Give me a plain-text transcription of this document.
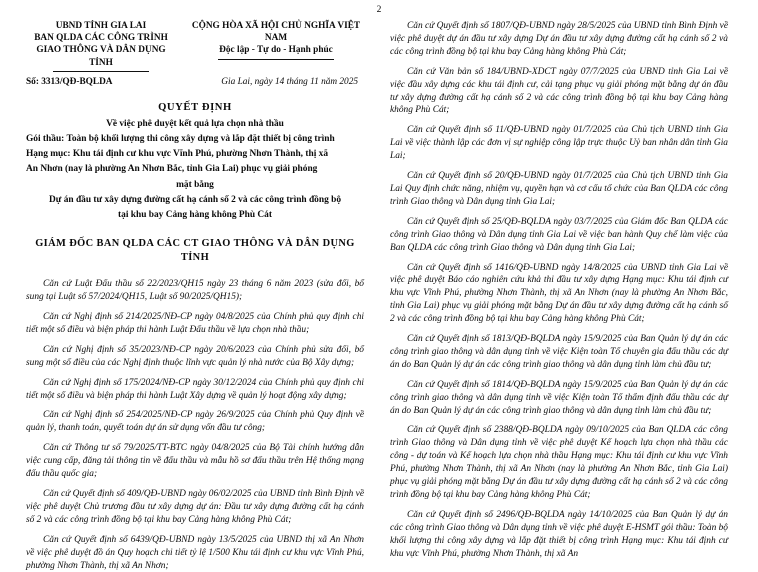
2
UBND TỈNH GIA LAI
BAN QLDA CÁC CÔNG TRÌNH
GIAO THÔNG VÀ DÂN DỤNG TỈNH
CỘNG HÒA XÃ HỘI CHỦ NGHĨA VIỆT NAM
Độc lập - Tự do - Hạnh phúc
Số: 3313/QĐ-BQLDA	Gia Lai, ngày 14 tháng 11 năm 2025
QUYẾT ĐỊNH
Về việc phê duyệt kết quả lựa chọn nhà thầu
Gói thầu: Toàn bộ khối lượng thi công xây dựng và lắp đặt thiết bị công trình
Hạng mục: Khu tái định cư khu vực Vĩnh Phú, phường Nhơn Thành, thị xã
An Nhơn (nay là phường An Nhơn Bắc, tỉnh Gia Lai) phục vụ giải phóng
mặt bằng
Dự án đầu tư xây dựng đường cất hạ cánh số 2 và các công trình đồng bộ
tại khu bay Cảng hàng không Phù Cát
GIÁM ĐỐC BAN QLDA CÁC CT GIAO THÔNG VÀ DÂN DỤNG TỈNH

Căn cứ Luật Đấu thầu số 22/2023/QH15 ngày 23 tháng 6 năm 2023 (sửa đổi, bổ sung tại Luật số 57/2024/QH15, Luật số 90/2025/QH15);

Căn cứ Nghị định số 214/2025/NĐ-CP ngày 04/8/2025 của Chính phủ quy định chi tiết một số điều và biện pháp thi hành Luật Đấu thầu về lựa chọn nhà thầu;

Căn cứ Nghị định số 35/2023/NĐ-CP ngày 20/6/2023 của Chính phủ sửa đổi, bổ sung một số điều của các Nghị định thuộc lĩnh vực quản lý nhà nước của Bộ Xây dựng;

Căn cứ Nghị định số 175/2024/NĐ-CP ngày 30/12/2024 của Chính phủ quy định chi tiết một số điều và biện pháp thi hành Luật Xây dựng về quản lý hoạt động xây dựng;

Căn cứ Nghị định số 254/2025/NĐ-CP ngày 26/9/2025 của Chính phủ Quy định về quản lý, thanh toán, quyết toán dự án sử dụng vốn đầu tư công;

Căn cứ Thông tư số 79/2025/TT-BTC ngày 04/8/2025 của Bộ Tài chính hướng dẫn việc cung cấp, đăng tải thông tin về đấu thầu và mẫu hồ sơ đấu thầu trên Hệ thống mạng đấu thầu quốc gia;

Căn cứ Quyết định số 409/QĐ-UBND ngày 06/02/2025 của UBND tỉnh Bình Định về việc phê duyệt Chủ trương đầu tư xây dựng dự án: Đầu tư xây dựng đường cất hạ cánh số 2 và các công trình đồng bộ tại khu bay Cảng hàng không Phù Cát;

Căn cứ Quyết định số 6439/QĐ-UBND ngày 13/5/2025 của UBND thị xã An Nhơn về việc phê duyệt đồ án Quy hoạch chi tiết tỷ lệ 1/500 Khu tái định cư khu vực Vĩnh Phú, phường Nhơn Thành, thị xã An Nhơn;

Căn cứ Quyết định số 1807/QĐ-UBND ngày 28/5/2025 của UBND tỉnh Bình Định về việc phê duyệt dự án đầu tư xây dựng Dự án đầu tư xây dựng đường cất hạ cánh số 2 và các công trình đồng bộ tại khu bay Cảng hàng không Phù Cát;

Căn cứ Văn bản số 184/UBND-XDCT ngày 07/7/2025 của UBND tỉnh Gia Lai về việc đầu xây dựng các khu tái định cư, cải tạng phục vụ giải phóng mặt bằng dự án đầu tư xây dựng đường cất hạ cánh số 2 và các công trình đồng bộ tại khu bay Cảng hàng không Phù Cát;

Căn cứ Quyết định số 11/QĐ-UBND ngày 01/7/2025 của Chủ tịch UBND tỉnh Gia Lai về việc thành lập các đơn vị sự nghiệp công lập trực thuộc Uỷ ban nhân dân tỉnh Gia Lai;

Căn cứ Quyết định số 20/QĐ-UBND ngày 01/7/2025 của Chủ tịch UBND tỉnh Gia Lai Quy định chức năng, nhiệm vụ, quyền hạn và cơ cấu tổ chức của Ban QLDA các công trình Giao thông và Dân dụng tỉnh Gia Lai;

Căn cứ Quyết định số 25/QĐ-BQLDA ngày 03/7/2025 của Giám đốc Ban QLDA các công trình Giao thông và Dân dụng tỉnh Gia Lai về việc ban hành Quy chế làm việc của Ban QLDA các công trình Giao thông và Dân dụng tỉnh Gia Lai;

Căn cứ Quyết định số 1416/QĐ-UBND ngày 14/8/2025 của UBND tỉnh Gia Lai về việc phê duyệt Báo cáo nghiên cứu khả thi đầu tư xây dựng Hạng mục: Khu tái định cư khu vực Vĩnh Phú, phường Nhơn Thành, thị xã An Nhơn (nay là phường An Nhơn Bắc, tỉnh Gia Lai) phục vụ giải phóng mặt bằng Dự án đầu tư xây dựng đường cất hạ cánh số 2 và các công trình đồng bộ tại khu bay Cảng hàng không Phù Cát;

Căn cứ Quyết định số 1813/QĐ-BQLDA ngày 15/9/2025 của Ban Quản lý dự án các công trình giao thông và dân dụng tỉnh về việc Kiện toàn Tổ chuyên gia đấu thầu các dự án do Ban Quản lý dự án các công trình giao thông và dân dụng tỉnh làm chủ đầu tư;

Căn cứ Quyết định số 1814/QĐ-BQLDA ngày 15/9/2025 của Ban Quản lý dự án các công trình giao thông và dân dụng tỉnh về việc Kiện toàn Tổ thẩm định đấu thầu các dự án do Ban Quản lý dự án các công trình giao thông và dân dụng tỉnh làm chủ đầu tư;

Căn cứ Quyết định số 2388/QĐ-BQLDA ngày 09/10/2025 của Ban QLDA các công trình Giao thông và Dân dụng tỉnh về việc phê duyệt Kế hoạch lựa chọn nhà thầu các công - dự toán và Kế hoạch lựa chọn nhà thầu Hạng mục: Khu tái định cư khu vực Vĩnh Phú, phường Nhơn Thành, thị xã An Nhơn (nay là phường An Nhơn Bắc, tỉnh Gia Lai) phục vụ giải phóng mặt bằng Dự án đầu tư xây dựng đường cất hạ cánh số 2 và các công trình đồng bộ tại khu bay Cảng hàng không Phù Cát;

Căn cứ Quyết định số 2496/QĐ-BQLDA ngày 14/10/2025 của Ban Quản lý dự án các công trình Giao thông và Dân dụng tỉnh về việc phê duyệt E-HSMT gói thầu: Toàn bộ khối lượng thi công xây dựng và lắp đặt thiết bị công trình Hạng mục: Khu tái định cư khu vực Vĩnh Phú, phường Nhơn Thành, thị xã An
